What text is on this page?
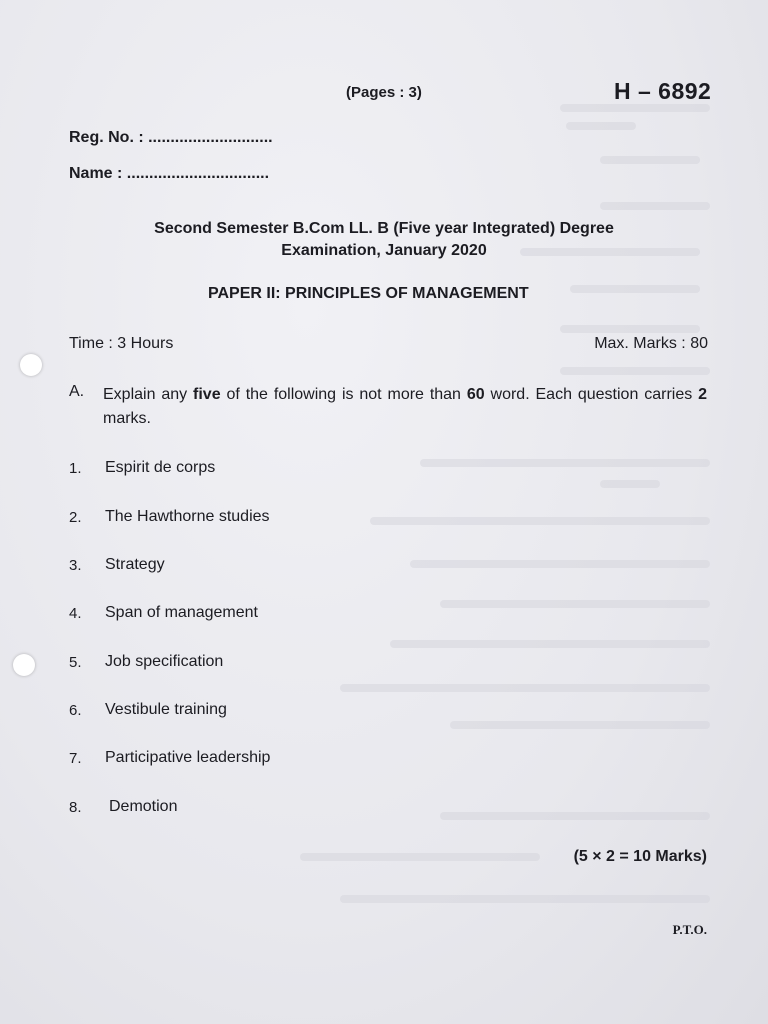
(Pages : 3)	H – 6892
Reg. No. : ............................
Name : ................................
Second Semester B.Com LL. B (Five year Integrated) Degree
Examination, January 2020
PAPER II: PRINCIPLES OF MANAGEMENT
Time : 3 Hours	Max. Marks : 80
A. Explain any five of the following is not more than 60 word. Each question carries 2 marks.
1. Espirit de corps
2. The Hawthorne studies
3. Strategy
4. Span of management
5. Job specification
6. Vestibule training
7. Participative leadership
8. Demotion
(5 × 2 = 10 Marks)
P.T.O.
